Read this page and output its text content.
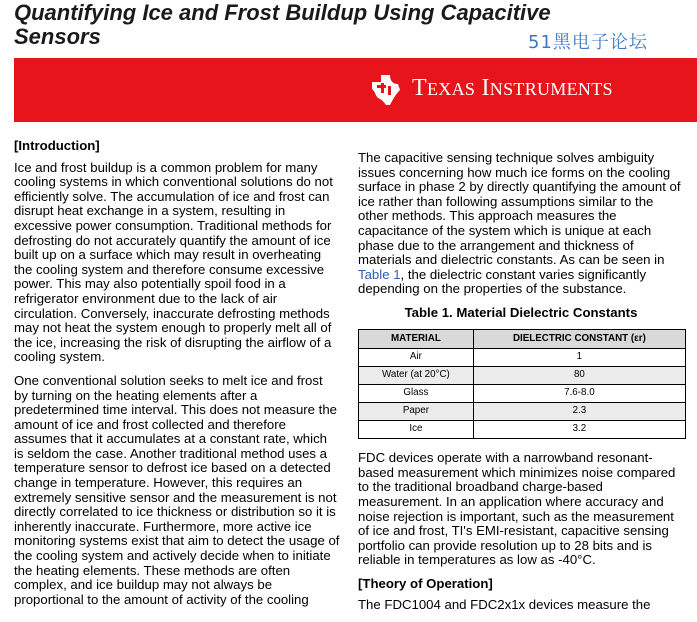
Quantifying Ice and Frost Buildup Using Capacitive Sensors	51黑电子论坛
TEXAS INSTRUMENTS
[Introduction]

Ice and frost buildup is a common problem for many cooling systems in which conventional solutions do not efficiently solve. The accumulation of ice and frost can disrupt heat exchange in a system, resulting in excessive power consumption. Traditional methods for defrosting do not accurately quantify the amount of ice built up on a surface which may result in overheating the cooling system and therefore consume excessive power. This may also potentially spoil food in a refrigerator environment due to the lack of air circulation. Conversely, inaccurate defrosting methods may not heat the system enough to properly melt all of the ice, increasing the risk of disrupting the airflow of a cooling system.

One conventional solution seeks to melt ice and frost by turning on the heating elements after a predetermined time interval. This does not measure the amount of ice and frost collected and therefore assumes that it accumulates at a constant rate, which is seldom the case. Another traditional method uses a temperature sensor to defrost ice based on a detected change in temperature. However, this requires an extremely sensitive sensor and the measurement is not directly correlated to ice thickness or distribution so it is inherently inaccurate. Furthermore, more active ice monitoring systems exist that aim to detect the usage of the cooling system and actively decide when to initiate the heating elements. These methods are often complex, and ice buildup may not always be proportional to the amount of activity of the cooling

The capacitive sensing technique solves ambiguity issues concerning how much ice forms on the cooling surface in phase 2 by directly quantifying the amount of ice rather than following assumptions similar to the other methods. This approach measures the capacitance of the system which is unique at each phase due to the arrangement and thickness of materials and dielectric constants. As can be seen in Table 1, the dielectric constant varies significantly depending on the properties of the substance.

Table 1. Material Dielectric Constants
MATERIAL	DIELECTRIC CONSTANT (εr)
Air	1
Water (at 20°C)	80
Glass	7.6-8.0
Paper	2.3
Ice	3.2

FDC devices operate with a narrowband resonant-based measurement which minimizes noise compared to the traditional broadband charge-based measurement. In an application where accuracy and noise rejection is important, such as the measurement of ice and frost, TI's EMI-resistant, capacitive sensing portfolio can provide resolution up to 28 bits and is reliable in temperatures as low as -40°C.

[Theory of Operation]

The FDC1004 and FDC2x1x devices measure the
